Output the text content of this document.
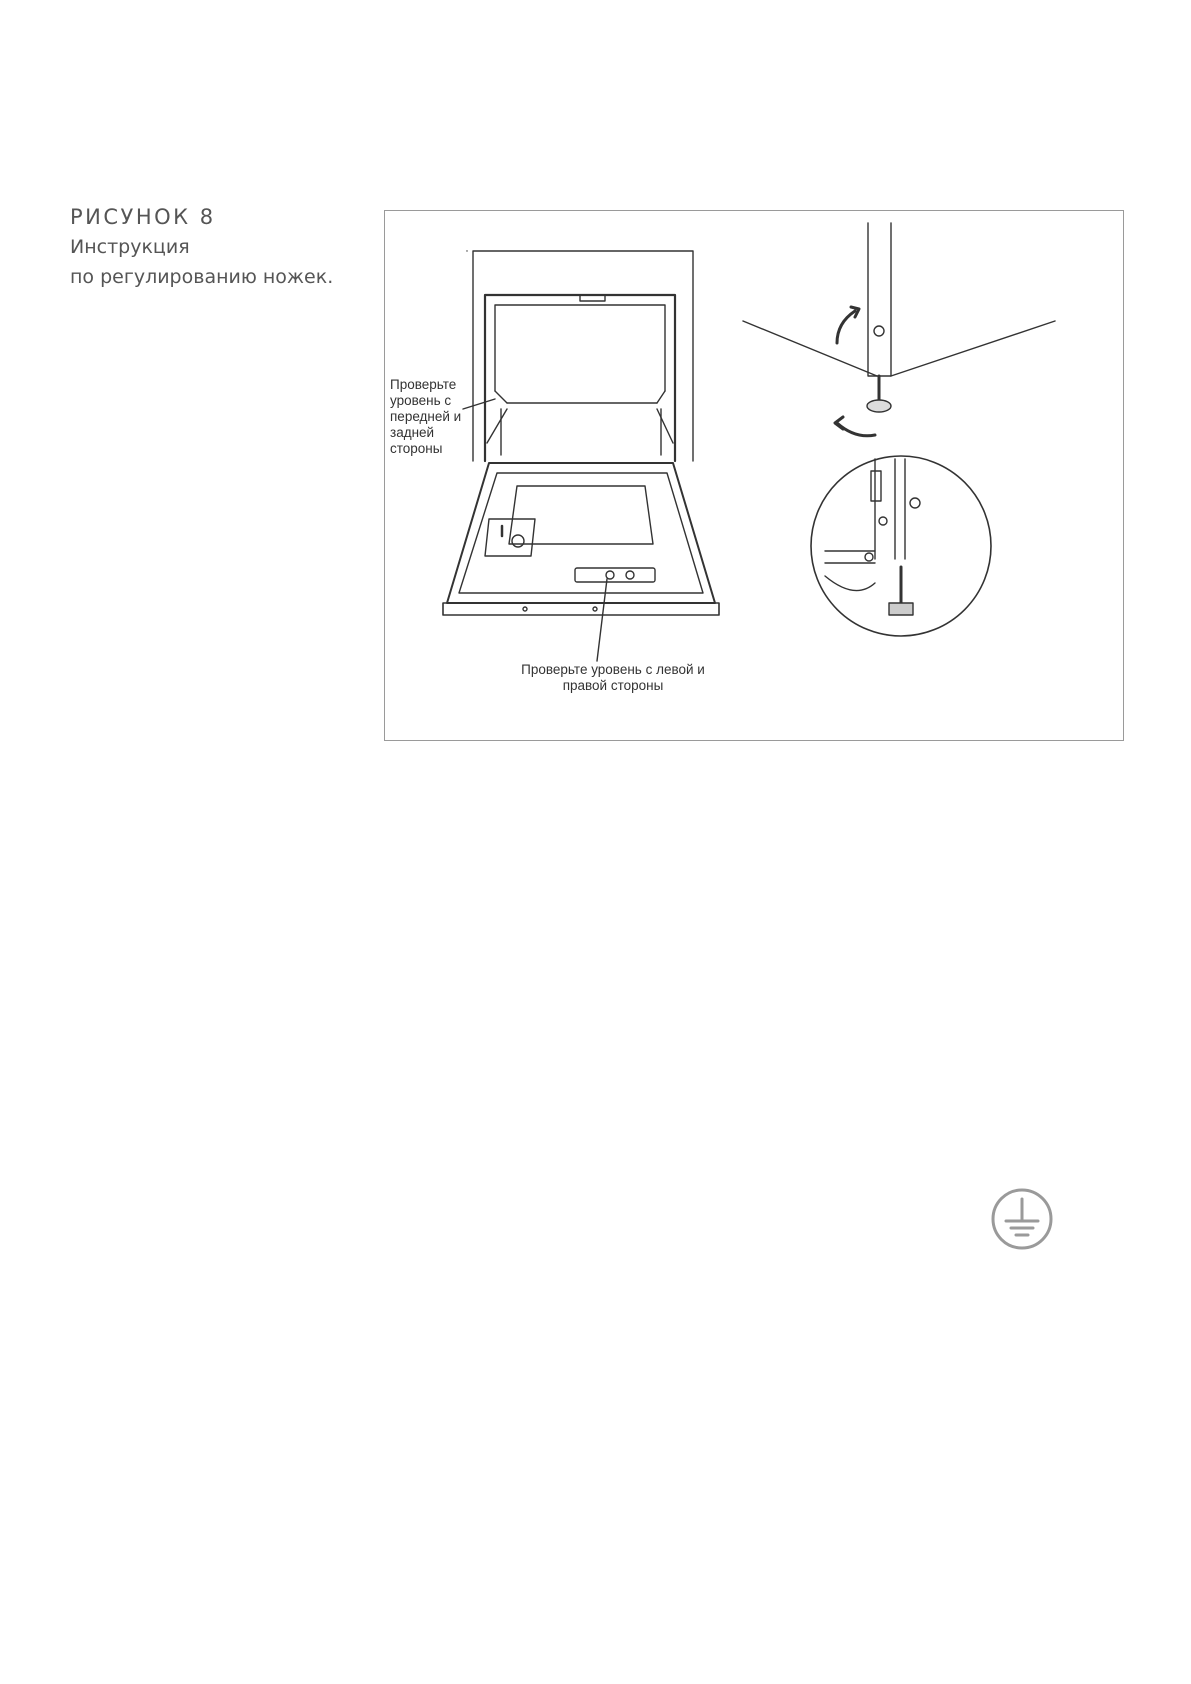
РИСУНОК 8
Инструкция
по регулированию ножек.
Проверьте уровень с передней и задней стороны
Проверьте уровень с левой и правой стороны
